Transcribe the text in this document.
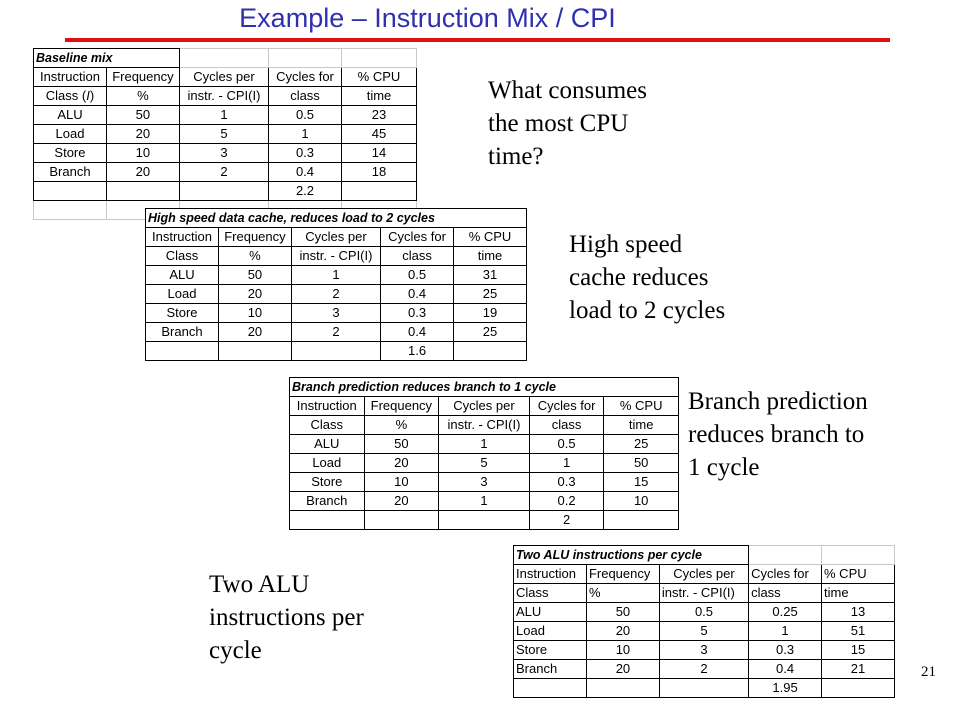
Example – Instruction Mix / CPI
Baseline mix				
Instruction	Frequency	Cycles per	Cycles for	% CPU
Class (I)	%	instr. - CPI(I)	class	time
ALU	50	1	0.5	23
Load	20	5	1	45
Store	10	3	0.3	14
Branch	20	2	0.4	18
			2.2	

What consumes
the most CPU
time?
High speed data cache, reduces load to 2 cycles				
Instruction	Frequency	Cycles per	Cycles for	% CPU
Class	%	instr. - CPI(I)	class	time
ALU	50	1	0.5	31
Load	20	2	0.4	25
Store	10	3	0.3	19
Branch	20	2	0.4	25
			1.6	
High speed
cache reduces
load to 2 cycles
Branch prediction reduces branch to 1 cycle				
Instruction	Frequency	Cycles per	Cycles for	% CPU
Class	%	instr. - CPI(I)	class	time
ALU	50	1	0.5	25
Load	20	5	1	50
Store	10	3	0.3	15
Branch	20	1	0.2	10
			2	
Branch prediction
reduces branch to
1 cycle
Two ALU
instructions per
cycle
Two ALU instructions per cycle				
Instruction	Frequency	Cycles per	Cycles for	% CPU
Class	%	instr. - CPI(I)	class	time
ALU	50	0.5	0.25	13
Load	20	5	1	51
Store	10	3	0.3	15
Branch	20	2	0.4	21
			1.95	
21
